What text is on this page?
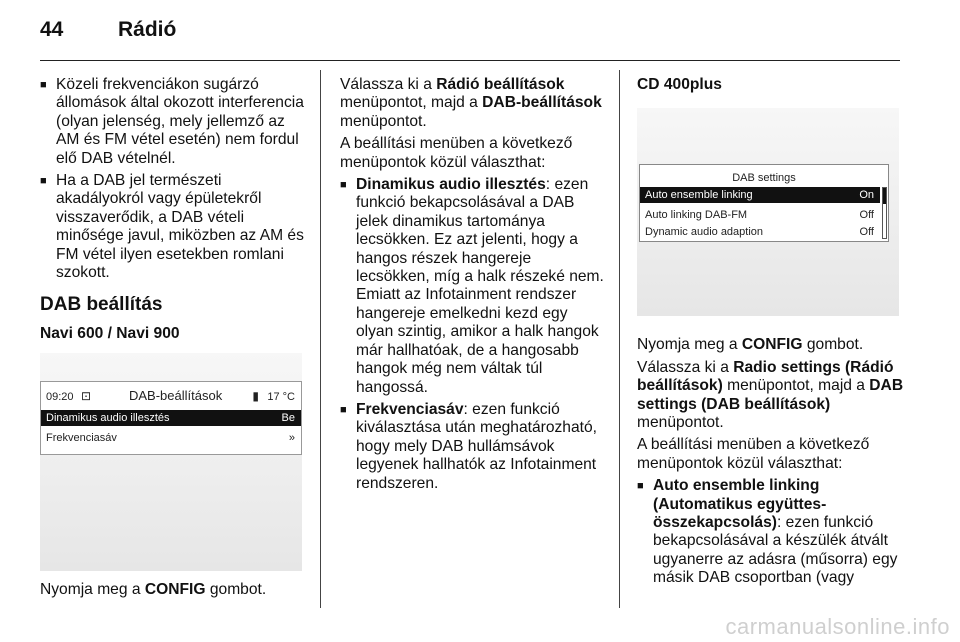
44	Rádió
■ Közeli frekvenciákon sugárzó állomások által okozott interferencia (olyan jelenség, mely jellemző az AM és FM vétel esetén) nem fordul elő DAB vételnél.
■ Ha a DAB jel természeti akadályokról vagy épületekről visszaverődik, a DAB vételi minősége javul, miközben az AM és FM vétel ilyen esetekben romlani szokott.
DAB beállítás
Navi 600 / Navi 900
09:20 ⊡	DAB-beállítások	▮ 17 °C
Dinamikus audio illesztés	Be
Frekvenciasáv	»

Nyomja meg a CONFIG gombot.

Válassza ki a Rádió beállítások menüpontot, majd a DAB-beállítások menüpontot.

A beállítási menüben a következő menüpontok közül választhat:

■ Dinamikus audio illesztés: ezen funkció bekapcsolásával a DAB jelek dinamikus tartománya lecsökken. Ez azt jelenti, hogy a hangos részek hangereje lecsökken, míg a halk részeké nem. Emiatt az Infotainment rendszer hangereje emelkedni kezd egy olyan szintig, amikor a halk hangok már hallhatóak, de a hangosabb hangok még nem váltak túl hangossá.
■ Frekvenciasáv: ezen funkció kiválasztása után meghatározható, hogy mely DAB hullámsávok legyenek hallhatók az Infotainment rendszeren.

CD 400plus

DAB settings
Auto ensemble linking	On
Auto linking DAB-FM	Off
Dynamic audio adaption	Off

Nyomja meg a CONFIG gombot.

Válassza ki a Radio settings (Rádió beállítások) menüpontot, majd a DAB settings (DAB beállítások) menüpontot.

A beállítási menüben a következő menüpontok közül választhat:

■ Auto ensemble linking (Automatikus együttes-összekapcsolás): ezen funkció bekapcsolásával a készülék átvált ugyanerre az adásra (műsorra) egy másik DAB csoportban (vagy
carmanualsonline.info
